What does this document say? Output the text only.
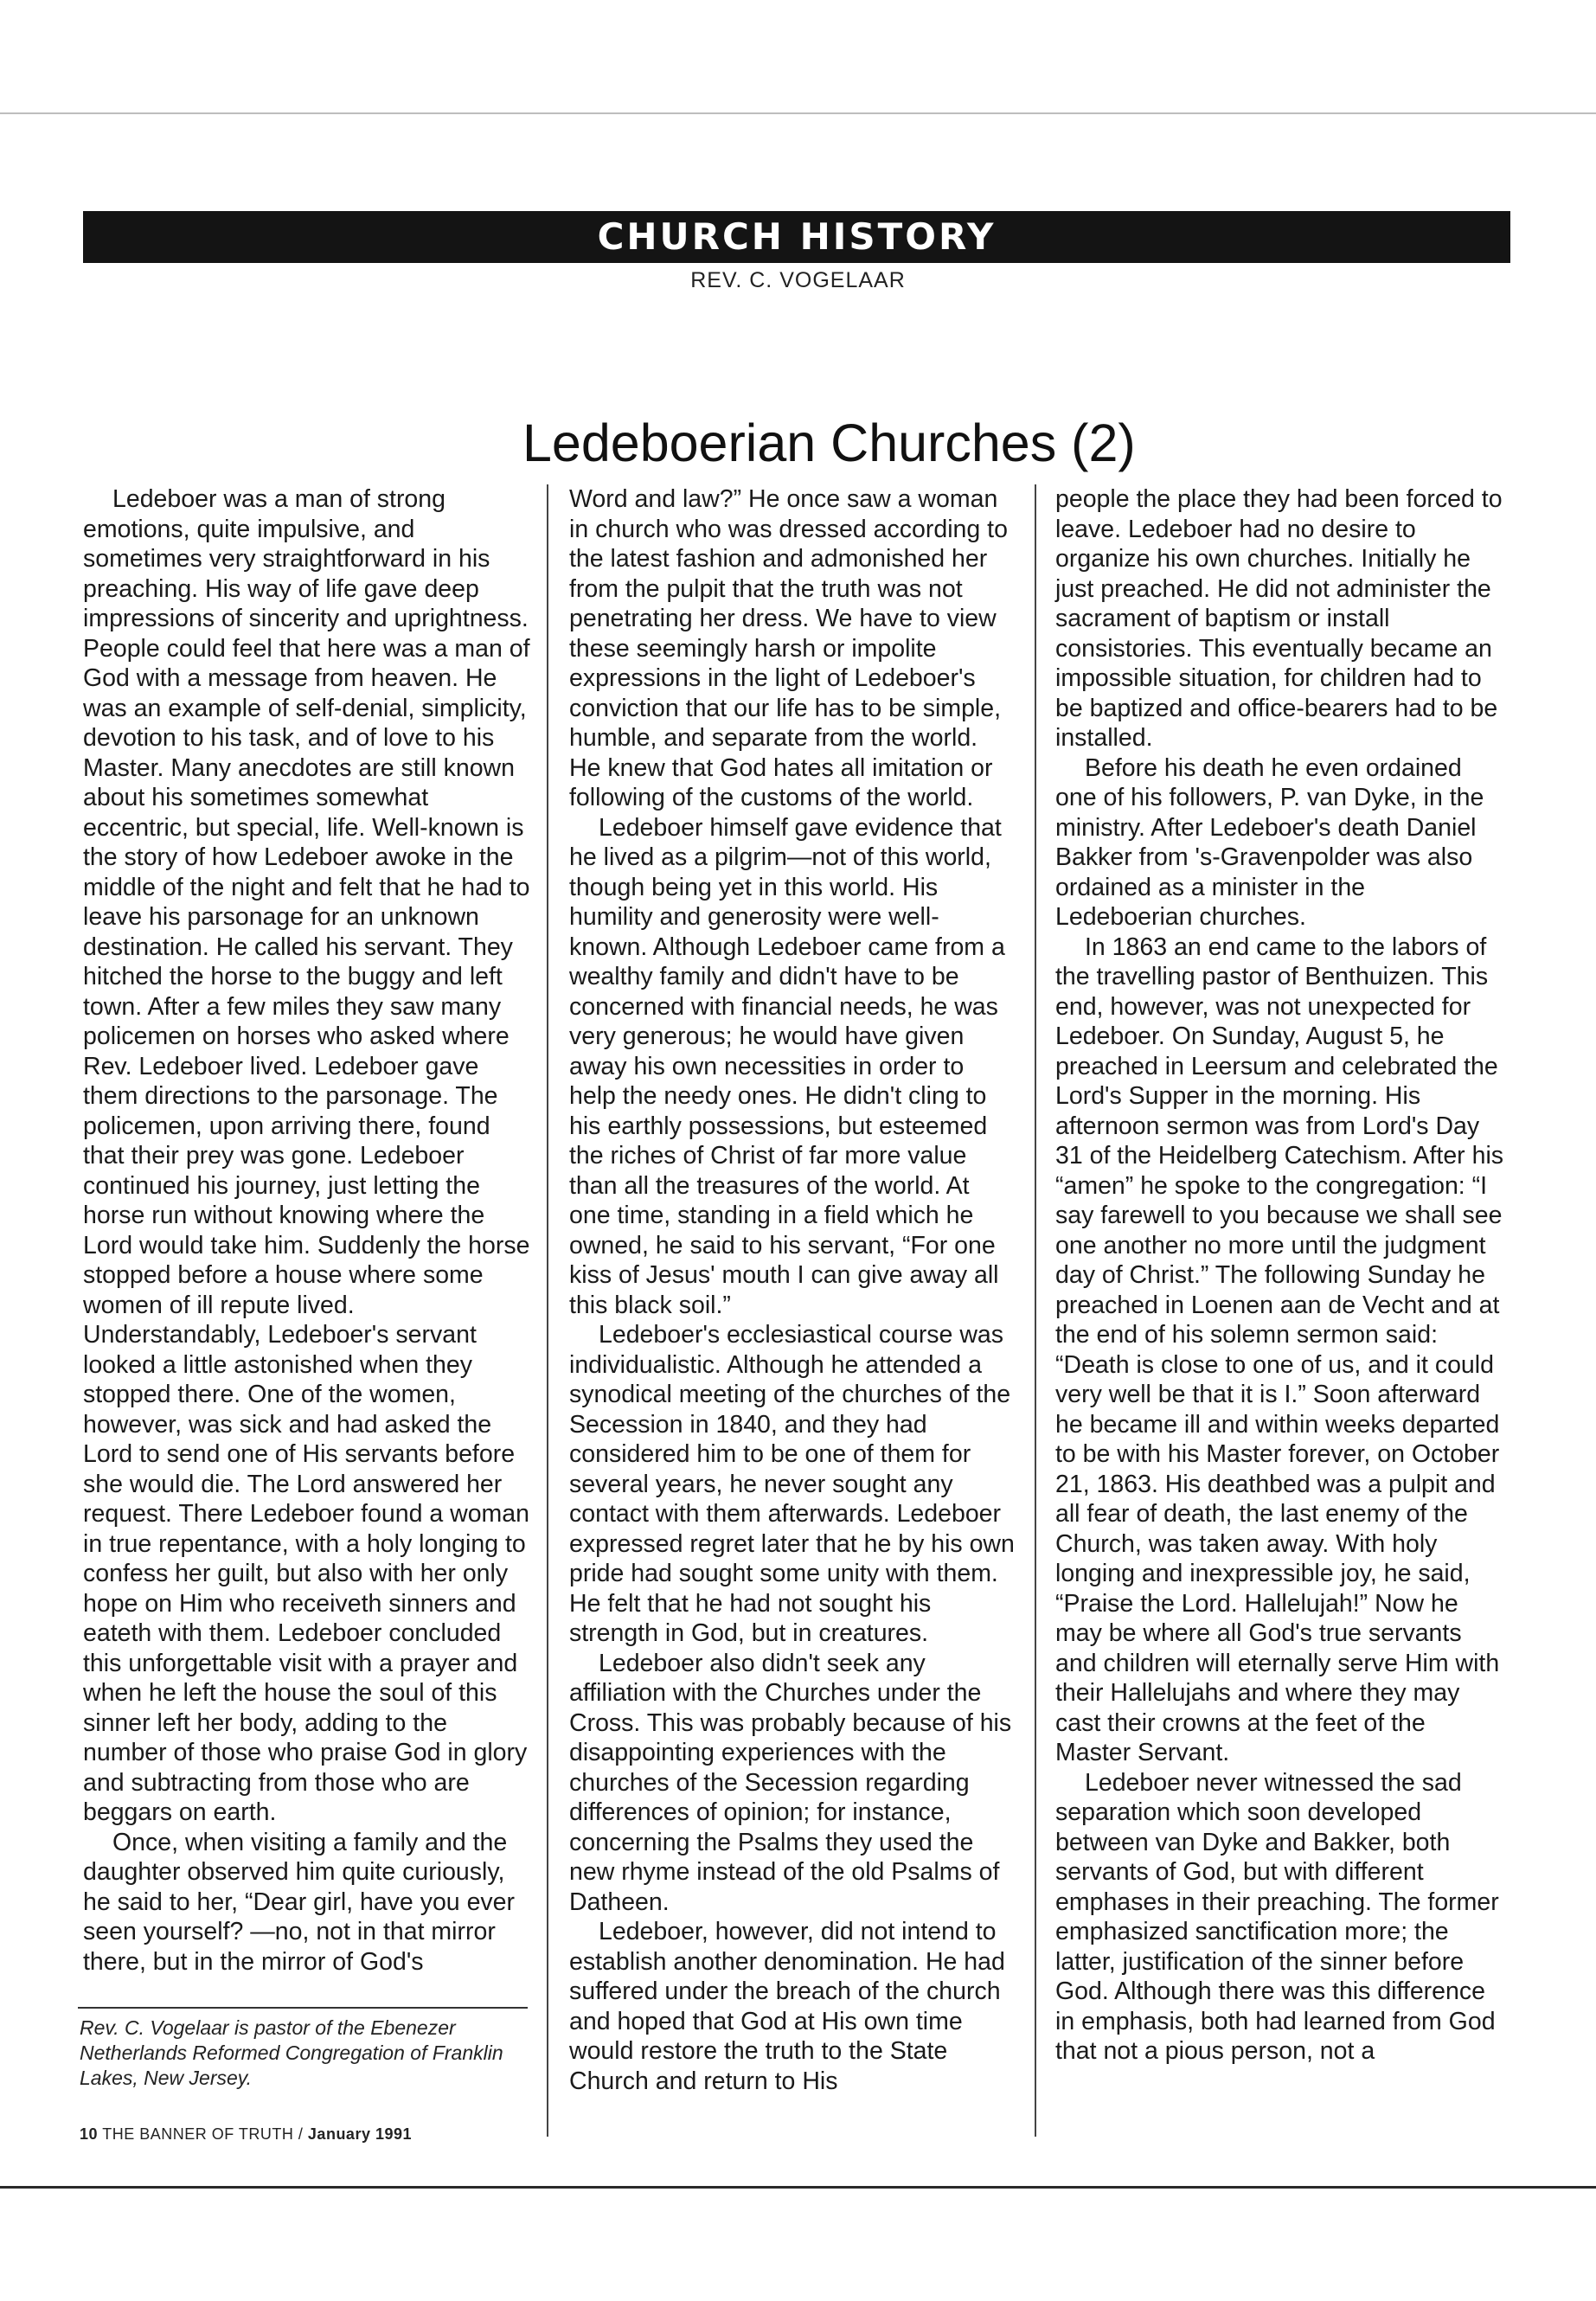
CHURCH HISTORY
REV. C. VOGELAAR
Ledeboerian Churches (2)

Ledeboer was a man of strong emotions, quite impulsive, and sometimes very straightforward in his preaching. His way of life gave deep impressions of sincerity and uprightness. People could feel that here was a man of God with a message from heaven. He was an example of self-denial, simplicity, devotion to his task, and of love to his Master. Many anecdotes are still known about his sometimes somewhat eccentric, but special, life. Well-known is the story of how Ledeboer awoke in the middle of the night and felt that he had to leave his parsonage for an unknown destination. He called his servant. They hitched the horse to the buggy and left town. After a few miles they saw many policemen on horses who asked where Rev. Ledeboer lived. Ledeboer gave them directions to the parsonage. The policemen, upon arriving there, found that their prey was gone. Ledeboer continued his journey, just letting the horse run without knowing where the Lord would take him. Suddenly the horse stopped before a house where some women of ill repute lived. Understandably, Ledeboer's servant looked a little astonished when they stopped there. One of the women, however, was sick and had asked the Lord to send one of His servants before she would die. The Lord answered her request. There Ledeboer found a woman in true repentance, with a holy longing to confess her guilt, but also with her only hope on Him who receiveth sinners and eateth with them. Ledeboer concluded this unforgettable visit with a prayer and when he left the house the soul of this sinner left her body, adding to the number of those who praise God in glory and subtracting from those who are beggars on earth.

Once, when visiting a family and the daughter observed him quite curiously, he said to her, “Dear girl, have you ever seen yourself? —no, not in that mirror there, but in the mirror of God's

Word and law?” He once saw a woman in church who was dressed according to the latest fashion and admonished her from the pulpit that the truth was not penetrating her dress. We have to view these seemingly harsh or impolite expressions in the light of Ledeboer's conviction that our life has to be simple, humble, and separate from the world. He knew that God hates all imitation or following of the customs of the world.

Ledeboer himself gave evidence that he lived as a pilgrim—not of this world, though being yet in this world. His humility and generosity were well-known. Although Ledeboer came from a wealthy family and didn't have to be concerned with financial needs, he was very generous; he would have given away his own necessities in order to help the needy ones. He didn't cling to his earthly possessions, but esteemed the riches of Christ of far more value than all the treasures of the world. At one time, standing in a field which he owned, he said to his servant, “For one kiss of Jesus' mouth I can give away all this black soil.”

Ledeboer's ecclesiastical course was individualistic. Although he attended a synodical meeting of the churches of the Secession in 1840, and they had considered him to be one of them for several years, he never sought any contact with them afterwards. Ledeboer expressed regret later that he by his own pride had sought some unity with them. He felt that he had not sought his strength in God, but in creatures.

Ledeboer also didn't seek any affiliation with the Churches under the Cross. This was probably because of his disappointing experiences with the churches of the Secession regarding differences of opinion; for instance, concerning the Psalms they used the new rhyme instead of the old Psalms of Datheen.

Ledeboer, however, did not intend to establish another denomination. He had suffered under the breach of the church and hoped that God at His own time would restore the truth to the State Church and return to His

people the place they had been forced to leave. Ledeboer had no desire to organize his own churches. Initially he just preached. He did not administer the sacrament of baptism or install consistories. This eventually became an impossible situation, for children had to be baptized and office-bearers had to be installed.

Before his death he even ordained one of his followers, P. van Dyke, in the ministry. After Ledeboer's death Daniel Bakker from 's-Gravenpolder was also ordained as a minister in the Ledeboerian churches.

In 1863 an end came to the labors of the travelling pastor of Benthuizen. This end, however, was not unexpected for Ledeboer. On Sunday, August 5, he preached in Leersum and celebrated the Lord's Supper in the morning. His afternoon sermon was from Lord's Day 31 of the Heidelberg Catechism. After his “amen” he spoke to the congregation: “I say farewell to you because we shall see one another no more until the judgment day of Christ.” The following Sunday he preached in Loenen aan de Vecht and at the end of his solemn sermon said: “Death is close to one of us, and it could very well be that it is I.” Soon afterward he became ill and within weeks departed to be with his Master forever, on October 21, 1863. His deathbed was a pulpit and all fear of death, the last enemy of the Church, was taken away. With holy longing and inexpressible joy, he said, “Praise the Lord. Hallelujah!” Now he may be where all God's true servants and children will eternally serve Him with their Hallelujahs and where they may cast their crowns at the feet of the Master Servant.

Ledeboer never witnessed the sad separation which soon developed between van Dyke and Bakker, both servants of God, but with different emphases in their preaching. The former emphasized sanctification more; the latter, justification of the sinner before God. Although there was this difference in emphasis, both had learned from God that not a pious person, not a

Rev. C. Vogelaar is pastor of the Ebenezer Netherlands Reformed Congregation of Franklin Lakes, New Jersey.
10 THE BANNER OF TRUTH / January 1991
